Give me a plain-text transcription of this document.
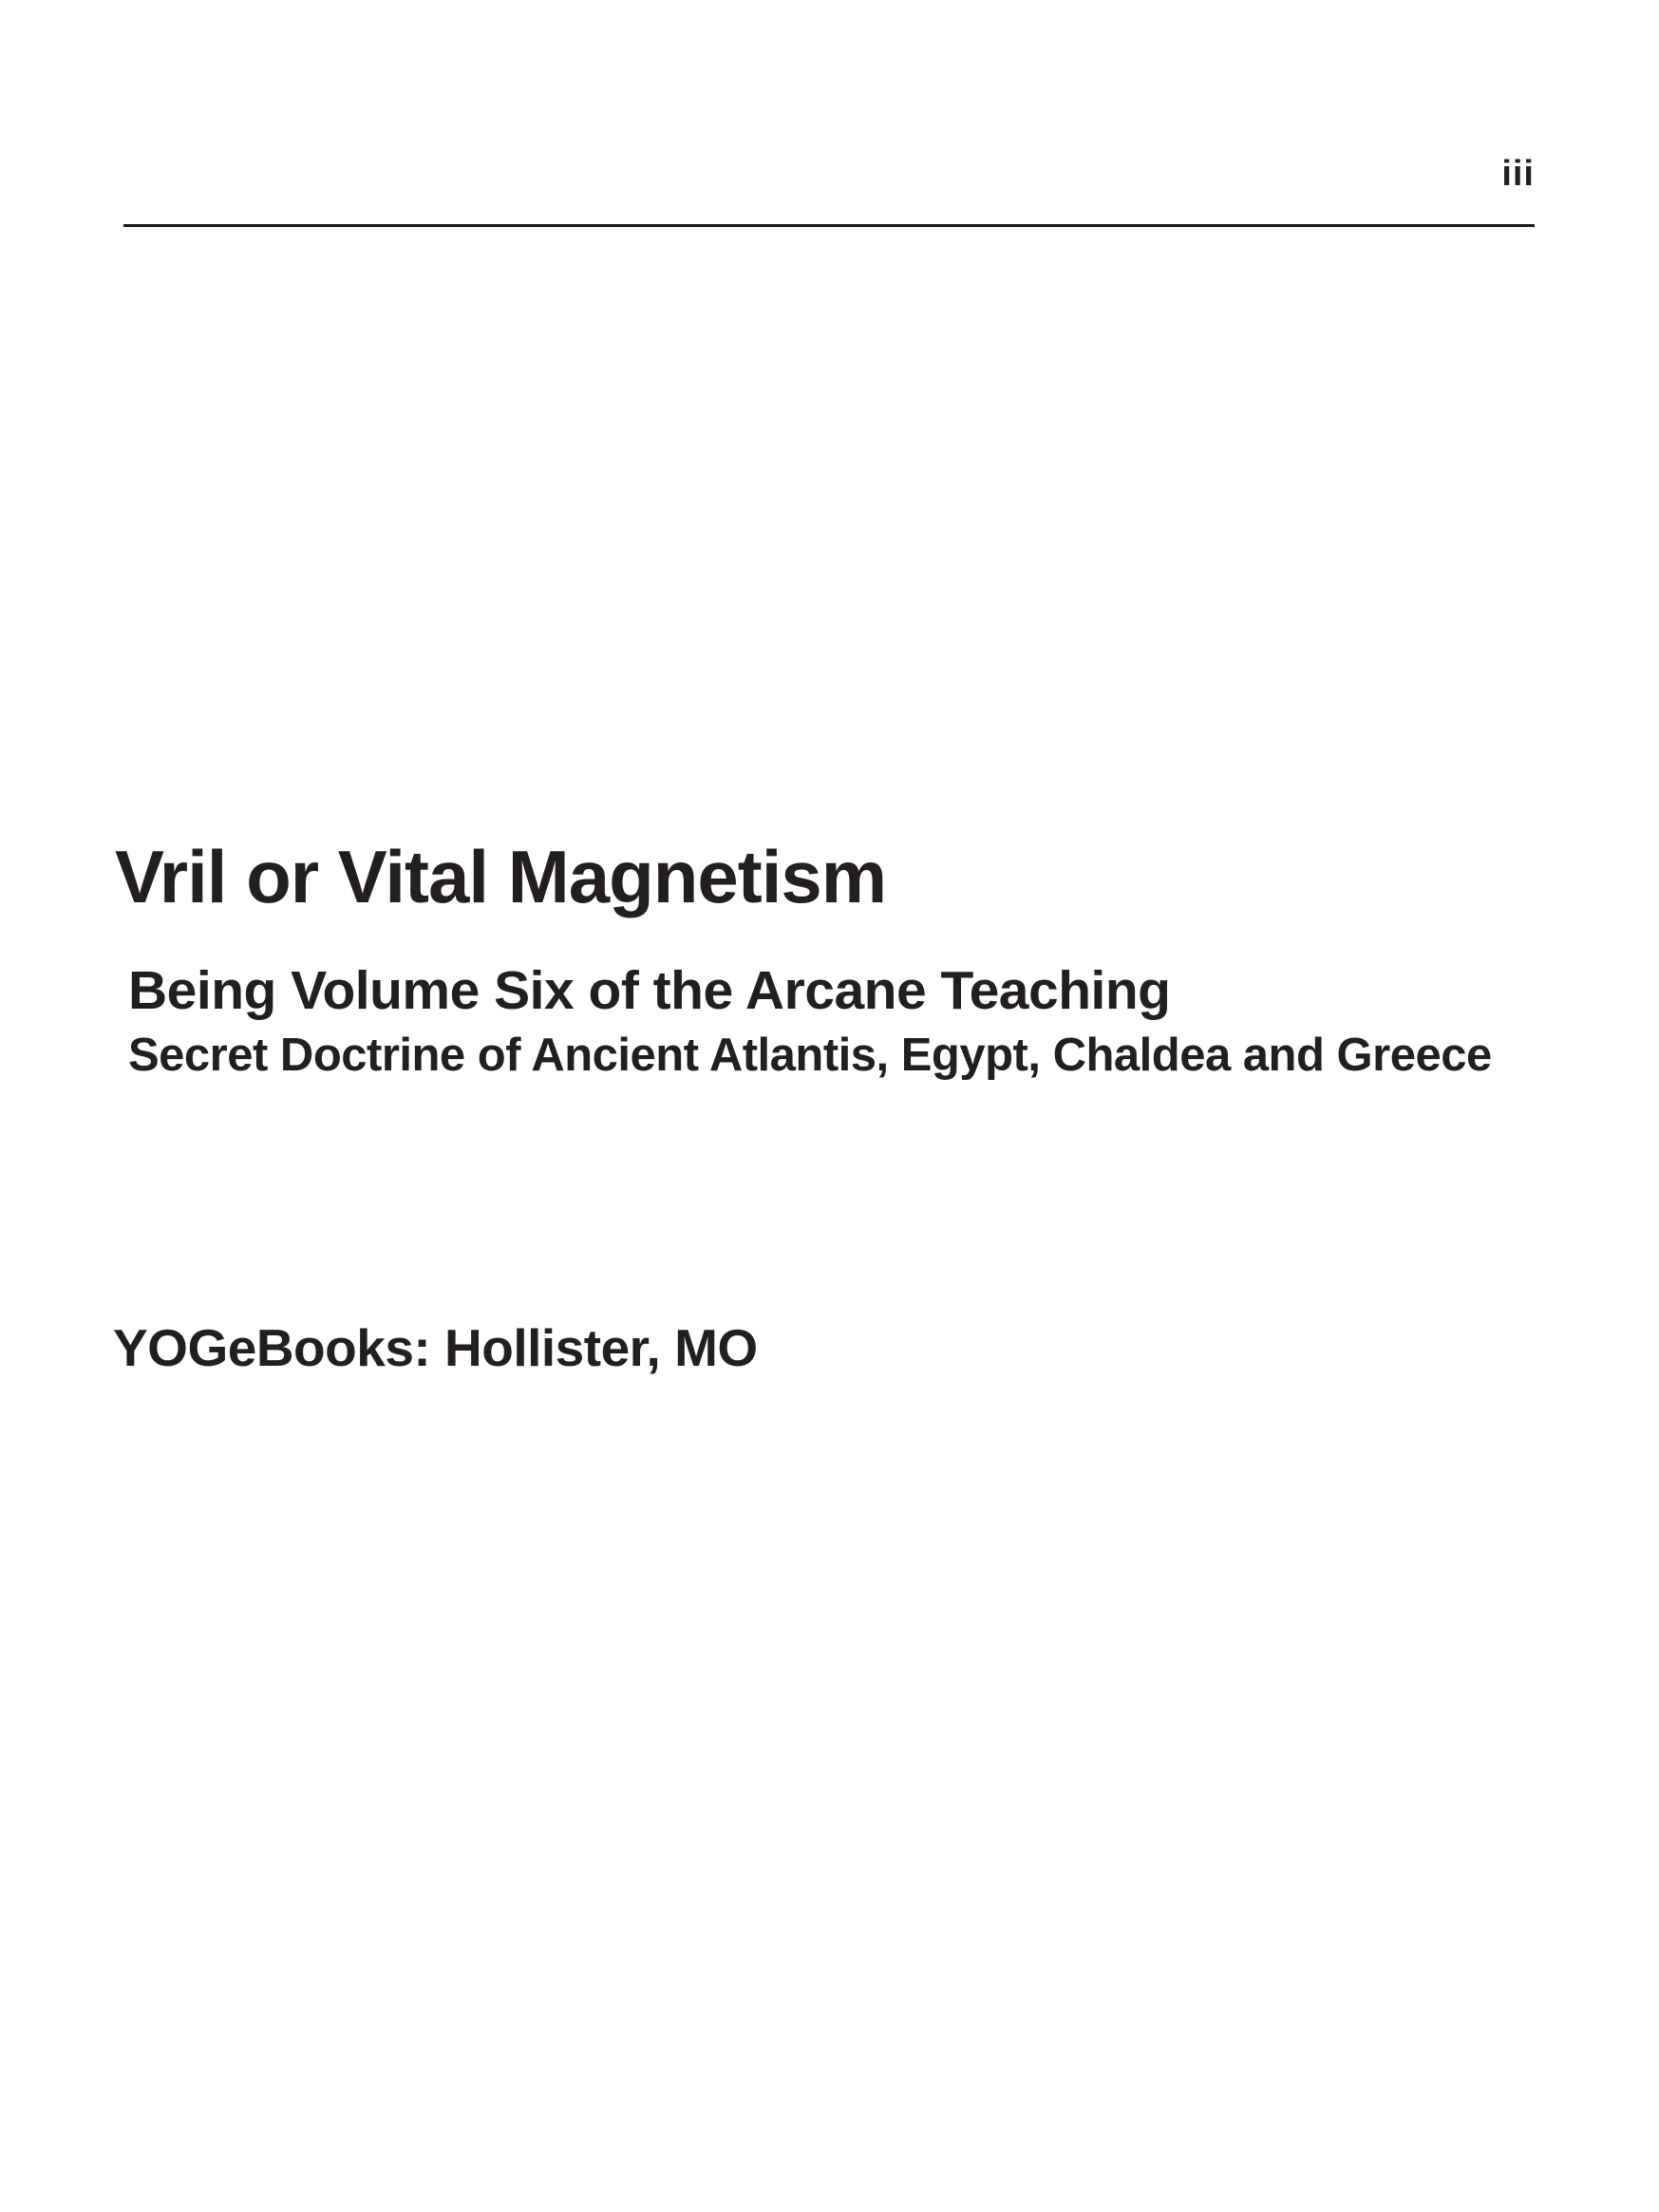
iii
Vril or Vital Magnetism
Being Volume Six of the Arcane Teaching
Secret Doctrine of Ancient Atlantis, Egypt, Chaldea and Greece
YOGeBooks: Hollister, MO
